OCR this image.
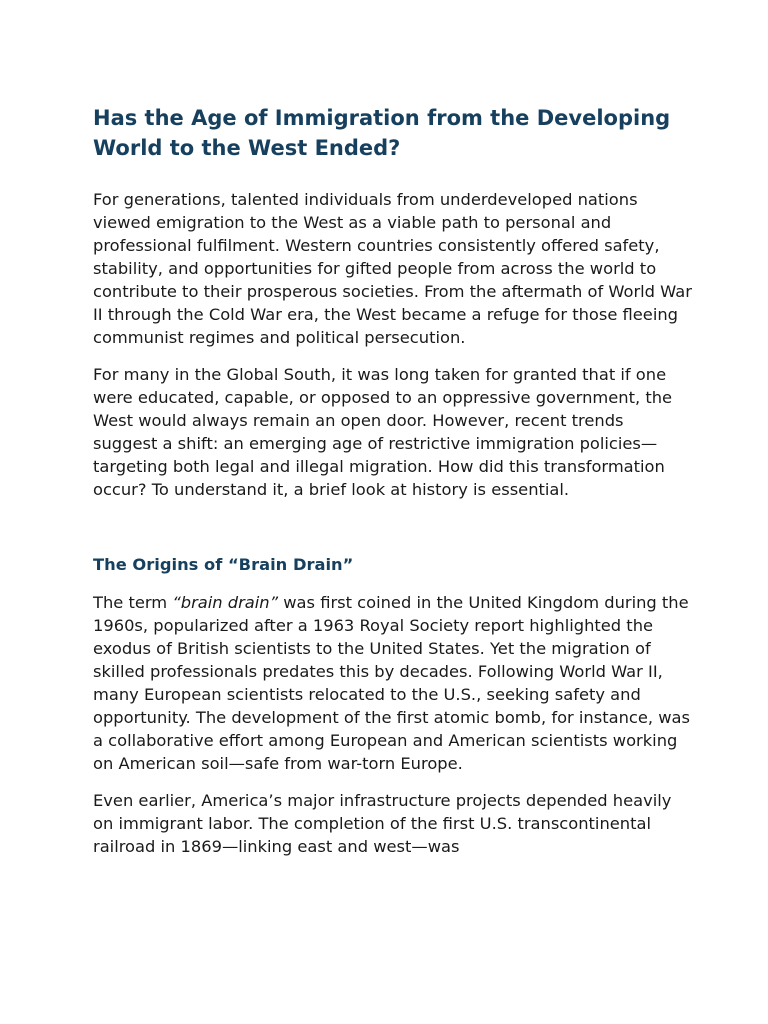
Has the Age of Immigration from the Developing World to the West Ended?

For generations, talented individuals from underdeveloped nations viewed emigration to the West as a viable path to personal and professional fulfilment. Western countries consistently offered safety, stability, and opportunities for gifted people from across the world to contribute to their prosperous societies. From the aftermath of World War II through the Cold War era, the West became a refuge for those fleeing communist regimes and political persecution.

For many in the Global South, it was long taken for granted that if one were educated, capable, or opposed to an oppressive government, the West would always remain an open door. However, recent trends suggest a shift: an emerging age of restrictive immigration policies—targeting both legal and illegal migration. How did this transformation occur? To understand it, a brief look at history is essential.

The Origins of “Brain Drain”

The term “brain drain” was first coined in the United Kingdom during the 1960s, popularized after a 1963 Royal Society report highlighted the exodus of British scientists to the United States. Yet the migration of skilled professionals predates this by decades. Following World War II, many European scientists relocated to the U.S., seeking safety and opportunity. The development of the first atomic bomb, for instance, was a collaborative effort among European and American scientists working on American soil—safe from war-torn Europe.

Even earlier, America’s major infrastructure projects depended heavily on immigrant labor. The completion of the first U.S. transcontinental railroad in 1869—linking east and west—was
